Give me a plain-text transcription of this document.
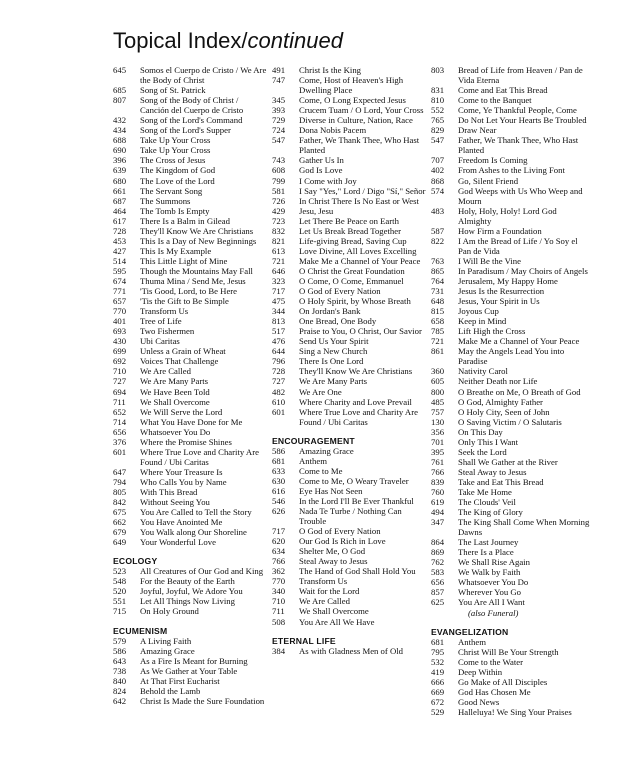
Topical Index/continued
645	Somos el Cuerpo de Cristo / We Are the Body of Christ
685	Song of St. Patrick
807	Song of the Body of Christ / Canción del Cuerpo de Cristo
432	Song of the Lord's Command
434	Song of the Lord's Supper
688	Take Up Your Cross
690	Take Up Your Cross
396	The Cross of Jesus
639	The Kingdom of God
680	The Love of the Lord
661	The Servant Song
687	The Summons
464	The Tomb Is Empty
617	There Is a Balm in Gilead
728	They'll Know We Are Christians
453	This Is a Day of New Beginnings
427	This Is My Example
514	This Little Light of Mine
595	Though the Mountains May Fall
674	Thuma Mina / Send Me, Jesus
771	'Tis Good, Lord, to Be Here
657	'Tis the Gift to Be Simple
770	Transform Us
401	Tree of Life
693	Two Fishermen
430	Ubi Caritas
699	Unless a Grain of Wheat
692	Voices That Challenge
710	We Are Called
727	We Are Many Parts
694	We Have Been Told
711	We Shall Overcome
652	We Will Serve the Lord
714	What You Have Done for Me
656	Whatsoever You Do
376	Where the Promise Shines
601	Where True Love and Charity Are Found / Ubi Caritas
647	Where Your Treasure Is
794	Who Calls You by Name
805	With This Bread
842	Without Seeing You
675	You Are Called to Tell the Story
662	You Have Anointed Me
679	You Walk along Our Shoreline
649	Your Wonderful Love
ECOLOGY
523	All Creatures of Our God and King
548	For the Beauty of the Earth
520	Joyful, Joyful, We Adore You
551	Let All Things Now Living
715	On Holy Ground
ECUMENISM
579	A Living Faith
586	Amazing Grace
643	As a Fire Is Meant for Burning
738	As We Gather at Your Table
840	At That First Eucharist
824	Behold the Lamb
642	Christ Is Made the Sure Foundation
491	Christ Is the King
747	Come, Host of Heaven's High Dwelling Place
345	Come, O Long Expected Jesus
393	Crucem Tuam / O Lord, Your Cross
729	Diverse in Culture, Nation, Race
724	Dona Nobis Pacem
547	Father, We Thank Thee, Who Hast Planted
743	Gather Us In
608	God Is Love
799	I Come with Joy
581	I Say "Yes," Lord / Digo "Sí," Señor
726	In Christ There Is No East or West
429	Jesu, Jesu
723	Let There Be Peace on Earth
832	Let Us Break Bread Together
821	Life-giving Bread, Saving Cup
613	Love Divine, All Loves Excelling
721	Make Me a Channel of Your Peace
646	O Christ the Great Foundation
323	O Come, O Come, Emmanuel
717	O God of Every Nation
475	O Holy Spirit, by Whose Breath
344	On Jordan's Bank
813	One Bread, One Body
517	Praise to You, O Christ, Our Savior
476	Send Us Your Spirit
644	Sing a New Church
796	There Is One Lord
728	They'll Know We Are Christians
727	We Are Many Parts
482	We Are One
610	Where Charity and Love Prevail
601	Where True Love and Charity Are Found / Ubi Caritas
ENCOURAGEMENT
586	Amazing Grace
681	Anthem
633	Come to Me
630	Come to Me, O Weary Traveler
616	Eye Has Not Seen
546	In the Lord I'll Be Ever Thankful
626	Nada Te Turbe / Nothing Can Trouble
717	O God of Every Nation
620	Our God Is Rich in Love
634	Shelter Me, O God
766	Steal Away to Jesus
362	The Hand of God Shall Hold You
770	Transform Us
340	Wait for the Lord
710	We Are Called
711	We Shall Overcome
508	You Are All We Have
ETERNAL LIFE
384	As with Gladness Men of Old
803	Bread of Life from Heaven / Pan de Vida Eterna
831	Come and Eat This Bread
810	Come to the Banquet
552	Come, Ye Thankful People, Come
765	Do Not Let Your Hearts Be Troubled
829	Draw Near
547	Father, We Thank Thee, Who Hast Planted
707	Freedom Is Coming
402	From Ashes to the Living Font
868	Go, Silent Friend
574	God Weeps with Us Who Weep and Mourn
483	Holy, Holy, Holy! Lord God Almighty
587	How Firm a Foundation
822	I Am the Bread of Life / Yo Soy el Pan de Vida
763	I Will Be the Vine
865	In Paradisum / May Choirs of Angels
764	Jerusalem, My Happy Home
731	Jesus Is the Resurrection
648	Jesus, Your Spirit in Us
815	Joyous Cup
658	Keep in Mind
785	Lift High the Cross
721	Make Me a Channel of Your Peace
861	May the Angels Lead You into Paradise
360	Nativity Carol
605	Neither Death nor Life
800	O Breathe on Me, O Breath of God
485	O God, Almighty Father
757	O Holy City, Seen of John
130	O Saving Victim / O Salutaris
356	On This Day
701	Only This I Want
395	Seek the Lord
761	Shall We Gather at the River
766	Steal Away to Jesus
839	Take and Eat This Bread
760	Take Me Home
619	The Clouds' Veil
494	The King of Glory
347	The King Shall Come When Morning Dawns
864	The Last Journey
869	There Is a Place
762	We Shall Rise Again
583	We Walk by Faith
656	Whatsoever You Do
857	Wherever You Go
625	You Are All I Want
(also Funeral)
EVANGELIZATION
681	Anthem
795	Christ Will Be Your Strength
532	Come to the Water
419	Deep Within
666	Go Make of All Disciples
669	God Has Chosen Me
672	Good News
529	Halleluya! We Sing Your Praises
